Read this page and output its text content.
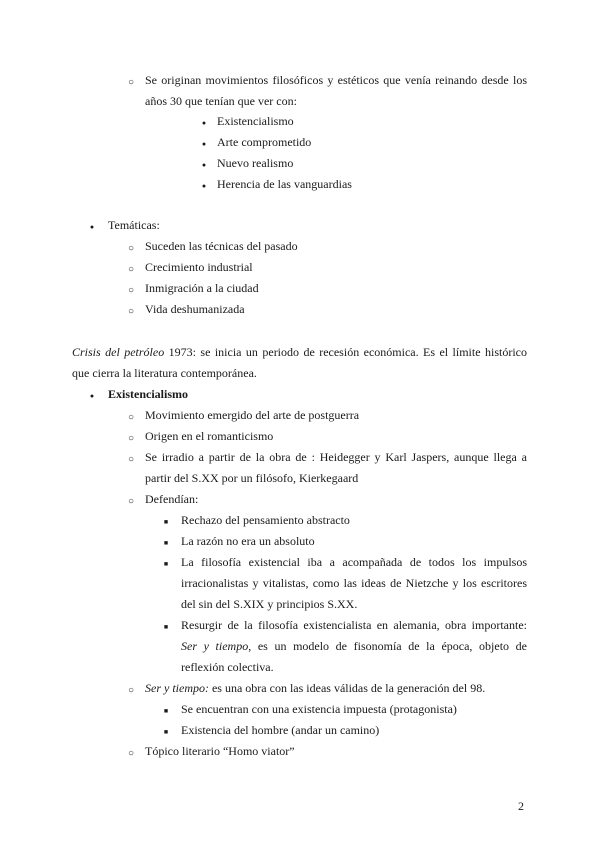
○
Se originan movimientos filosóficos y estéticos que venía reinando desde los años 30 que tenían que ver con:
●
Existencialismo
●
Arte comprometido
●
Nuevo realismo
●
Herencia de las vanguardias
●
Temáticas:
○
Suceden las técnicas del pasado
○
Crecimiento industrial
○
Inmigración a la ciudad
○
Vida deshumanizada
Crisis del petróleo 1973: se inicia un periodo de recesión económica. Es el límite histórico que cierra la literatura contemporánea.
●
Existencialismo
○
Movimiento emergido del arte de postguerra
○
Origen en el romanticismo
○
Se irradio a partir de la obra de : Heidegger y Karl Jaspers, aunque llega a partir del S.XX por un filósofo, Kierkegaard
○
Defendían:
■
Rechazo del pensamiento abstracto
■
La razón no era un absoluto
■
La filosofía existencial iba a acompañada de todos los impulsos irracionalistas y vitalistas, como las ideas de Nietzche y los escritores del sin del S.XIX y principios S.XX.
■
Resurgir de la filosofía existencialista en alemania, obra importante: Ser y tiempo, es un modelo de fisonomía de la época, objeto de reflexión colectiva.
○
Ser y tiempo: es una obra con las ideas válidas de la generación del 98.
■
Se encuentran con una existencia impuesta (protagonista)
■
Existencia del hombre (andar un camino)
○
Tópico literario “Homo viator”
2
